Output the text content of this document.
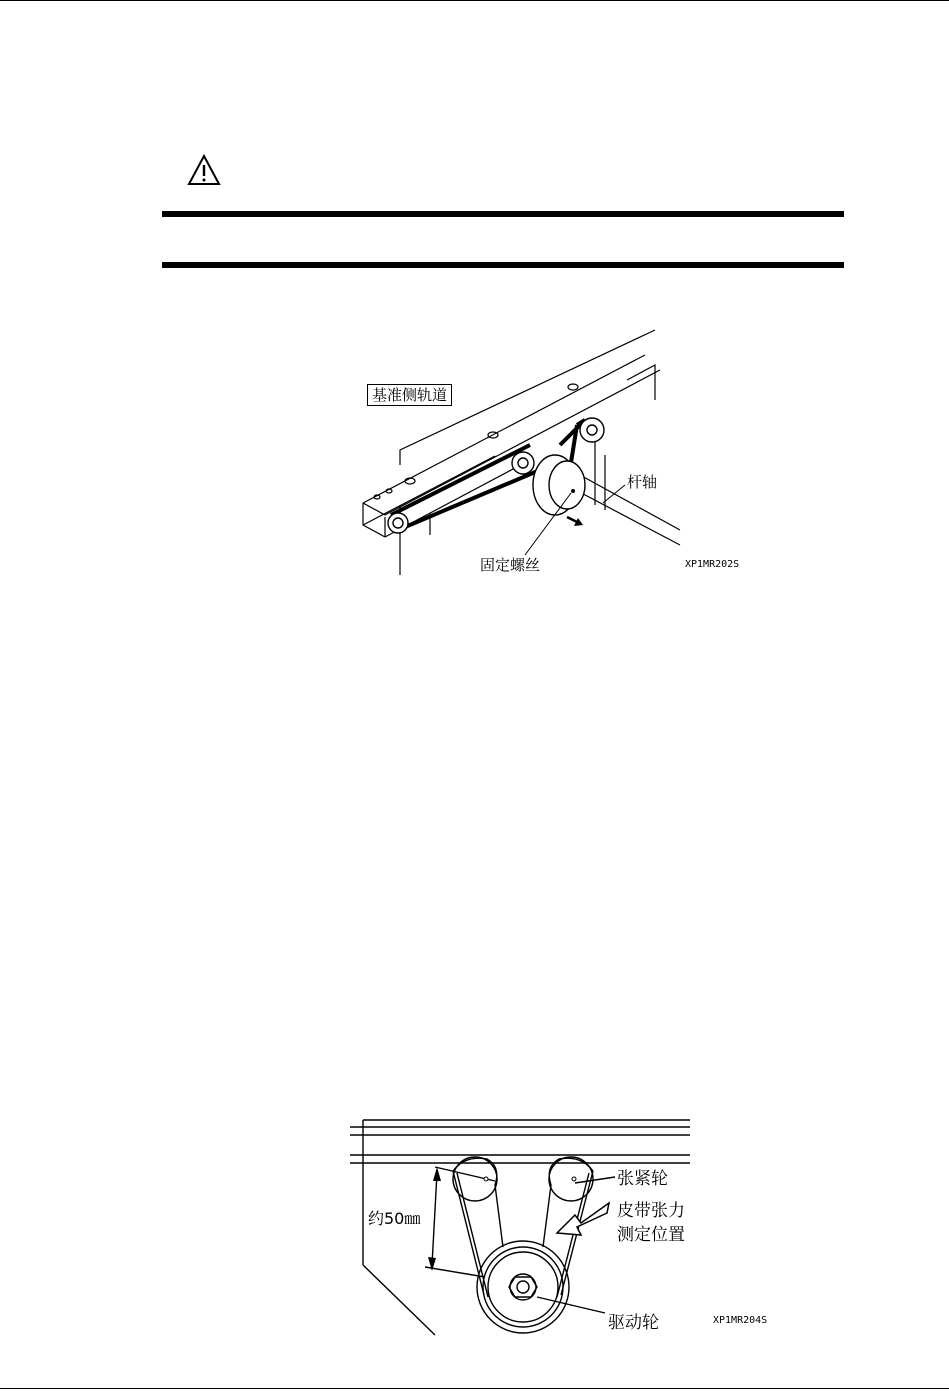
基准侧轨道
杆轴
固定螺丝	XP1MR202S
约50㎜
张紧轮
皮带张力
测定位置
驱动轮	XP1MR204S
